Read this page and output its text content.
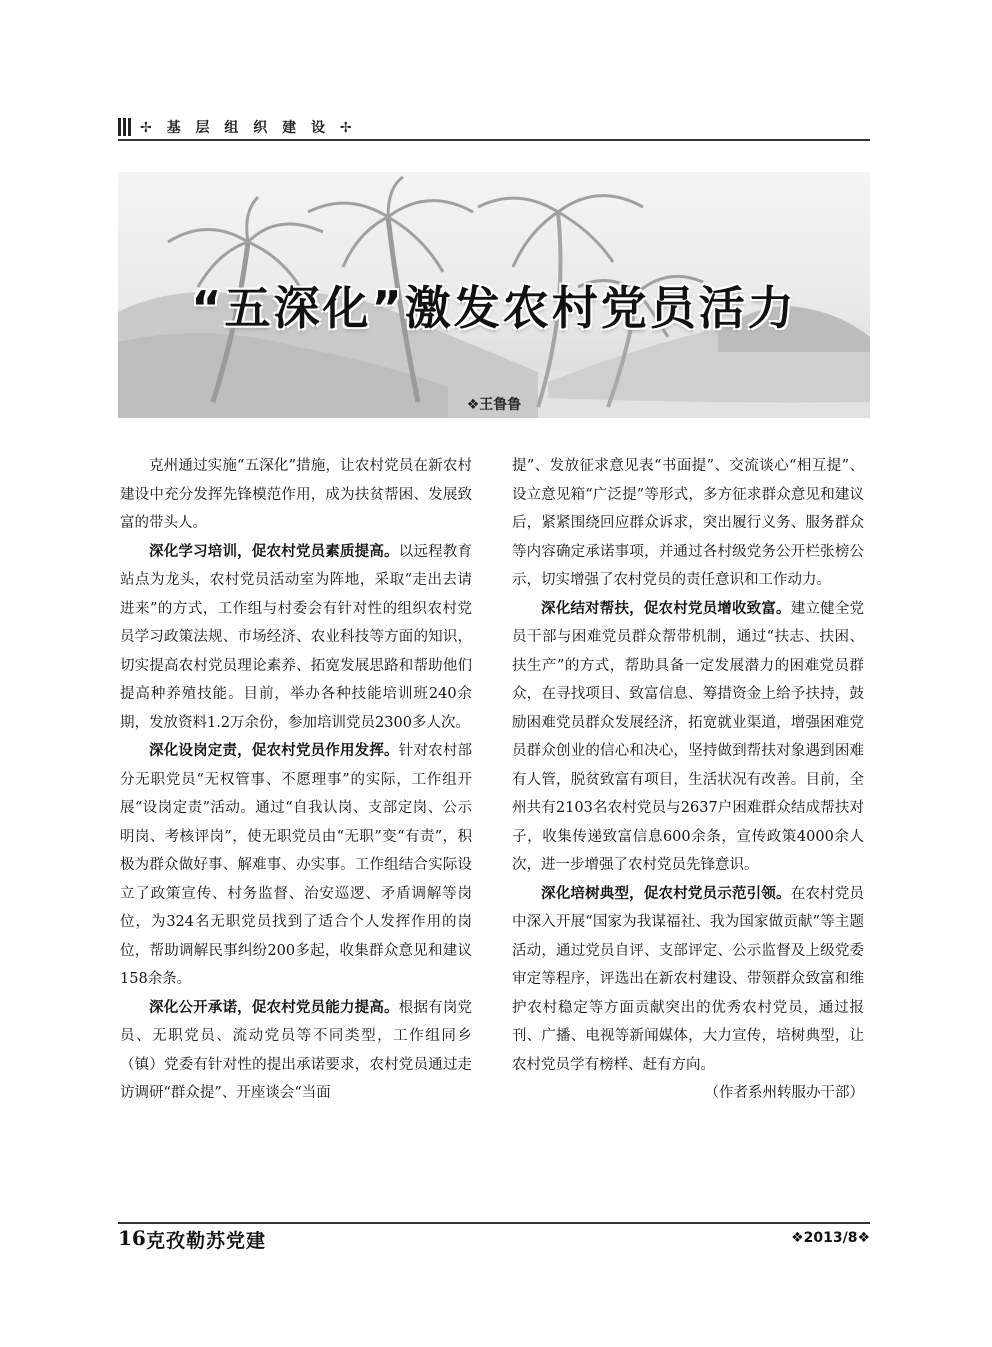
✢ 基 层 组 织 建 设 ✢
“五深化”激发农村党员活力
❖王鲁鲁

克州通过实施“五深化”措施，让农村党员在新农村建设中充分发挥先锋模范作用，成为扶贫帮困、发展致富的带头人。

深化学习培训，促农村党员素质提高。以远程教育站点为龙头，农村党员活动室为阵地，采取“走出去请进来”的方式，工作组与村委会有针对性的组织农村党员学习政策法规、市场经济、农业科技等方面的知识，切实提高农村党员理论素养、拓宽发展思路和帮助他们提高种养殖技能。目前，举办各种技能培训班240余期，发放资料1.2万余份，参加培训党员2300多人次。

深化设岗定责，促农村党员作用发挥。针对农村部分无职党员“无权管事、不愿理事”的实际，工作组开展“设岗定责”活动。通过“自我认岗、支部定岗、公示明岗、考核评岗”，使无职党员由“无职”变“有责”，积极为群众做好事、解难事、办实事。工作组结合实际设立了政策宣传、村务监督、治安巡逻、矛盾调解等岗位，为324名无职党员找到了适合个人发挥作用的岗位，帮助调解民事纠纷200多起，收集群众意见和建议158余条。

深化公开承诺，促农村党员能力提高。根据有岗党员、无职党员、流动党员等不同类型，工作组同乡（镇）党委有针对性的提出承诺要求，农村党员通过走访调研“群众提”、开座谈会“当面

提”、发放征求意见表“书面提”、交流谈心“相互提”、设立意见箱“广泛提”等形式，多方征求群众意见和建议后，紧紧围绕回应群众诉求，突出履行义务、服务群众等内容确定承诺事项，并通过各村级党务公开栏张榜公示，切实增强了农村党员的责任意识和工作动力。

深化结对帮扶，促农村党员增收致富。建立健全党员干部与困难党员群众帮带机制，通过“扶志、扶困、扶生产”的方式，帮助具备一定发展潜力的困难党员群众，在寻找项目、致富信息、筹措资金上给予扶持，鼓励困难党员群众发展经济，拓宽就业渠道，增强困难党员群众创业的信心和决心，坚持做到帮扶对象遇到困难有人管，脱贫致富有项目，生活状况有改善。目前，全州共有2103名农村党员与2637户困难群众结成帮扶对子，收集传递致富信息600余条，宣传政策4000余人次，进一步增强了农村党员先锋意识。

深化培树典型，促农村党员示范引领。在农村党员中深入开展“国家为我谋福社、我为国家做贡献”等主题活动，通过党员自评、支部评定、公示监督及上级党委审定等程序，评选出在新农村建设、带领群众致富和维护农村稳定等方面贡献突出的优秀农村党员，通过报刊、广播、电视等新闻媒体，大力宣传，培树典型，让农村党员学有榜样、赶有方向。
（作者系州转服办干部）

16 克孜勒苏党建	❖2013/8❖
